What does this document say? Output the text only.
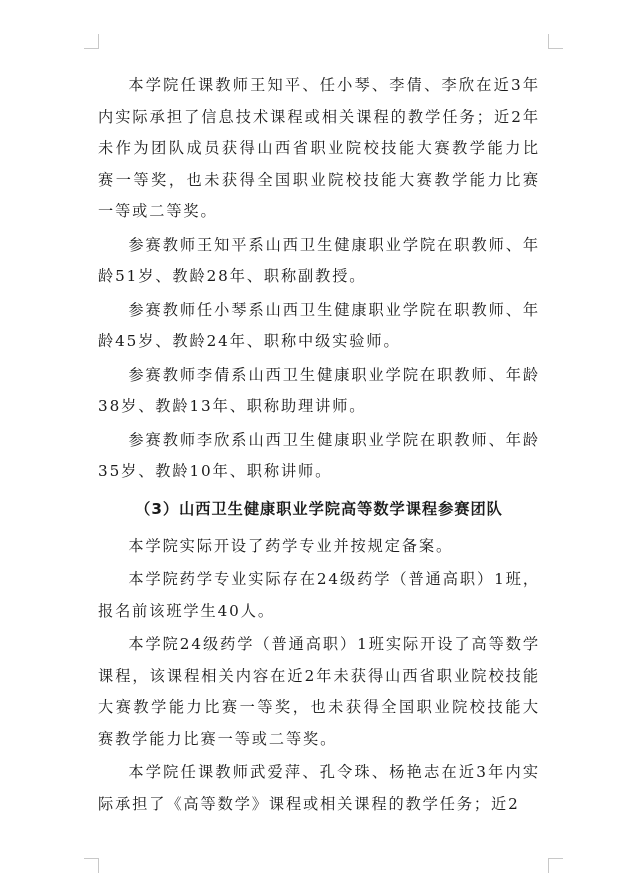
本学院任课教师王知平、任小琴、李倩、李欣在近3年内实际承担了信息技术课程或相关课程的教学任务；近2年未作为团队成员获得山西省职业院校技能大赛教学能力比赛一等奖，也未获得全国职业院校技能大赛教学能力比赛一等或二等奖。

参赛教师王知平系山西卫生健康职业学院在职教师、年龄51岁、教龄28年、职称副教授。

参赛教师任小琴系山西卫生健康职业学院在职教师、年龄45岁、教龄24年、职称中级实验师。

参赛教师李倩系山西卫生健康职业学院在职教师、年龄38岁、教龄13年、职称助理讲师。

参赛教师李欣系山西卫生健康职业学院在职教师、年龄35岁、教龄10年、职称讲师。

（3）山西卫生健康职业学院高等数学课程参赛团队

本学院实际开设了药学专业并按规定备案。

本学院药学专业实际存在24级药学（普通高职）1班，报名前该班学生40人。

本学院24级药学（普通高职）1班实际开设了高等数学课程，该课程相关内容在近2年未获得山西省职业院校技能大赛教学能力比赛一等奖，也未获得全国职业院校技能大赛教学能力比赛一等或二等奖。

本学院任课教师武爱萍、孔令珠、杨艳志在近3年内实际承担了《高等数学》课程或相关课程的教学任务；近2
